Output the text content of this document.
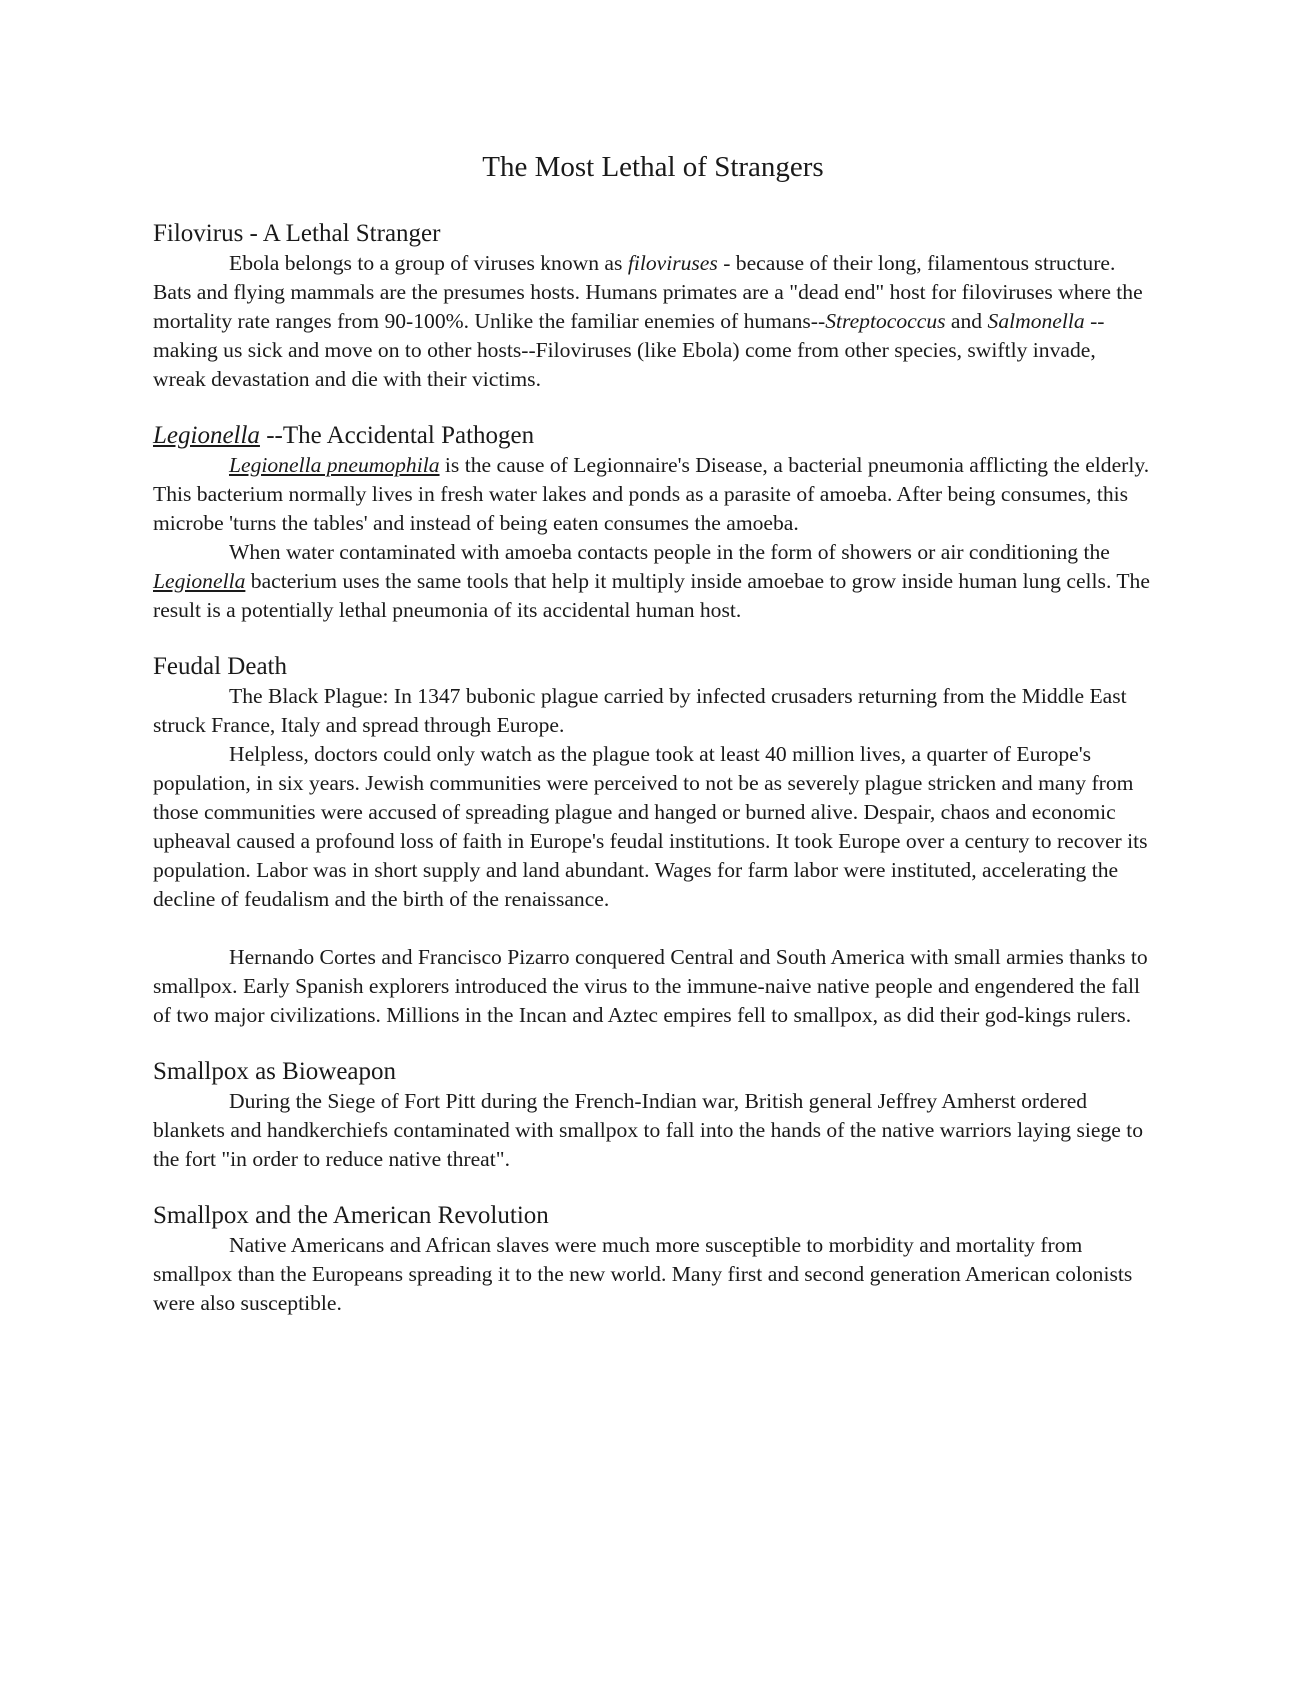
The Most Lethal of Strangers
Filovirus - A Lethal Stranger

Ebola belongs to a group of viruses known as filoviruses - because of their long, filamentous structure. Bats and flying mammals are the presumes hosts. Humans primates are a "dead end" host for filoviruses where the mortality rate ranges from 90-100%. Unlike the familiar enemies of humans--Streptococcus and Salmonella --making us sick and move on to other hosts--Filoviruses (like Ebola) come from other species, swiftly invade, wreak devastation and die with their victims.

Legionella --The Accidental Pathogen

Legionella pneumophila is the cause of Legionnaire's Disease, a bacterial pneumonia afflicting the elderly. This bacterium normally lives in fresh water lakes and ponds as a parasite of amoeba. After being consumes, this microbe 'turns the tables' and instead of being eaten consumes the amoeba.

When water contaminated with amoeba contacts people in the form of showers or air conditioning the Legionella bacterium uses the same tools that help it multiply inside amoebae to grow inside human lung cells. The result is a potentially lethal pneumonia of its accidental human host.

Feudal Death

The Black Plague: In 1347 bubonic plague carried by infected crusaders returning from the Middle East struck France, Italy and spread through Europe.

Helpless, doctors could only watch as the plague took at least 40 million lives, a quarter of Europe's population, in six years. Jewish communities were perceived to not be as severely plague stricken and many from those communities were accused of spreading plague and hanged or burned alive. Despair, chaos and economic upheaval caused a profound loss of faith in Europe's feudal institutions. It took Europe over a century to recover its population. Labor was in short supply and land abundant. Wages for farm labor were instituted, accelerating the decline of feudalism and the birth of the renaissance.

Hernando Cortes and Francisco Pizarro conquered Central and South America with small armies thanks to smallpox. Early Spanish explorers introduced the virus to the immune-naive native people and engendered the fall of two major civilizations. Millions in the Incan and Aztec empires fell to smallpox, as did their god-kings rulers.

Smallpox as Bioweapon

During the Siege of Fort Pitt during the French-Indian war, British general Jeffrey Amherst ordered blankets and handkerchiefs contaminated with smallpox to fall into the hands of the native warriors laying siege to the fort "in order to reduce native threat".

Smallpox and the American Revolution

Native Americans and African slaves were much more susceptible to morbidity and mortality from smallpox than the Europeans spreading it to the new world. Many first and second generation American colonists were also susceptible.
